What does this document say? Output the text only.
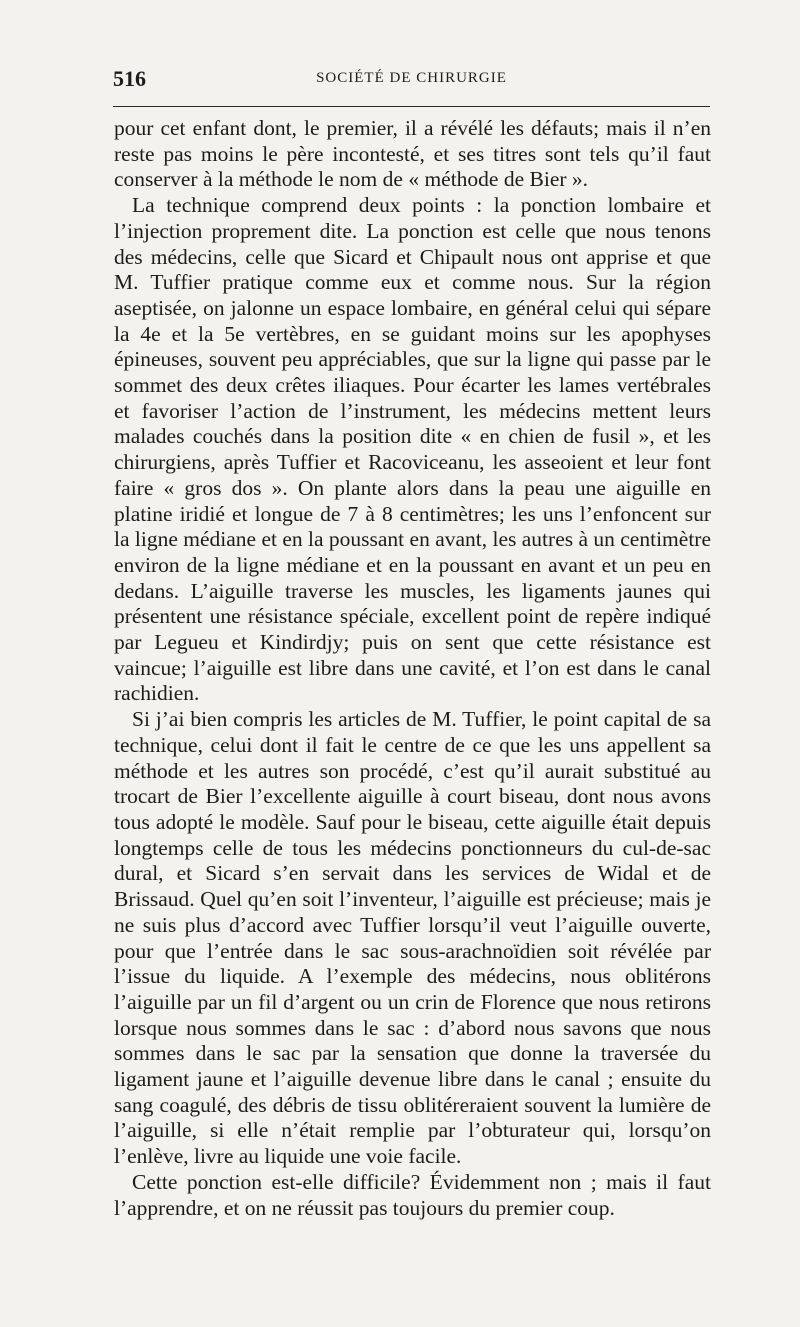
516	SOCIÉTÉ DE CHIRURGIE

pour cet enfant dont, le premier, il a révélé les défauts; mais il n’en reste pas moins le père incontesté, et ses titres sont tels qu’il faut conserver à la méthode le nom de « méthode de Bier ».

La technique comprend deux points : la ponction lombaire et l’injection proprement dite. La ponction est celle que nous tenons des médecins, celle que Sicard et Chipault nous ont apprise et que M. Tuffier pratique comme eux et comme nous. Sur la région aseptisée, on jalonne un espace lombaire, en général celui qui sépare la 4e et la 5e vertèbres, en se guidant moins sur les apophyses épineuses, souvent peu appréciables, que sur la ligne qui passe par le sommet des deux crêtes iliaques. Pour écarter les lames vertébrales et favoriser l’action de l’instrument, les médecins mettent leurs malades couchés dans la position dite « en chien de fusil », et les chirurgiens, après Tuffier et Racoviceanu, les asseoient et leur font faire « gros dos ». On plante alors dans la peau une aiguille en platine iridié et longue de 7 à 8 centimètres; les uns l’enfoncent sur la ligne médiane et en la poussant en avant, les autres à un centimètre environ de la ligne médiane et en la poussant en avant et un peu en dedans. L’aiguille traverse les muscles, les ligaments jaunes qui présentent une résistance spéciale, excellent point de repère indiqué par Legueu et Kindirdjy; puis on sent que cette résistance est vaincue; l’aiguille est libre dans une cavité, et l’on est dans le canal rachidien.

Si j’ai bien compris les articles de M. Tuffier, le point capital de sa technique, celui dont il fait le centre de ce que les uns appellent sa méthode et les autres son procédé, c’est qu’il aurait substitué au trocart de Bier l’excellente aiguille à court biseau, dont nous avons tous adopté le modèle. Sauf pour le biseau, cette aiguille était depuis longtemps celle de tous les médecins ponctionneurs du cul-de-sac dural, et Sicard s’en servait dans les services de Widal et de Brissaud. Quel qu’en soit l’inventeur, l’aiguille est précieuse; mais je ne suis plus d’accord avec Tuffier lorsqu’il veut l’aiguille ouverte, pour que l’entrée dans le sac sous-arachnoïdien soit révélée par l’issue du liquide. A l’exemple des médecins, nous oblitérons l’aiguille par un fil d’argent ou un crin de Florence que nous retirons lorsque nous sommes dans le sac : d’abord nous savons que nous sommes dans le sac par la sensation que donne la traversée du ligament jaune et l’aiguille devenue libre dans le canal ; ensuite du sang coagulé, des débris de tissu oblitéreraient souvent la lumière de l’aiguille, si elle n’était remplie par l’obturateur qui, lorsqu’on l’enlève, livre au liquide une voie facile.

Cette ponction est-elle difficile? Évidemment non ; mais il faut l’apprendre, et on ne réussit pas toujours du premier coup.
